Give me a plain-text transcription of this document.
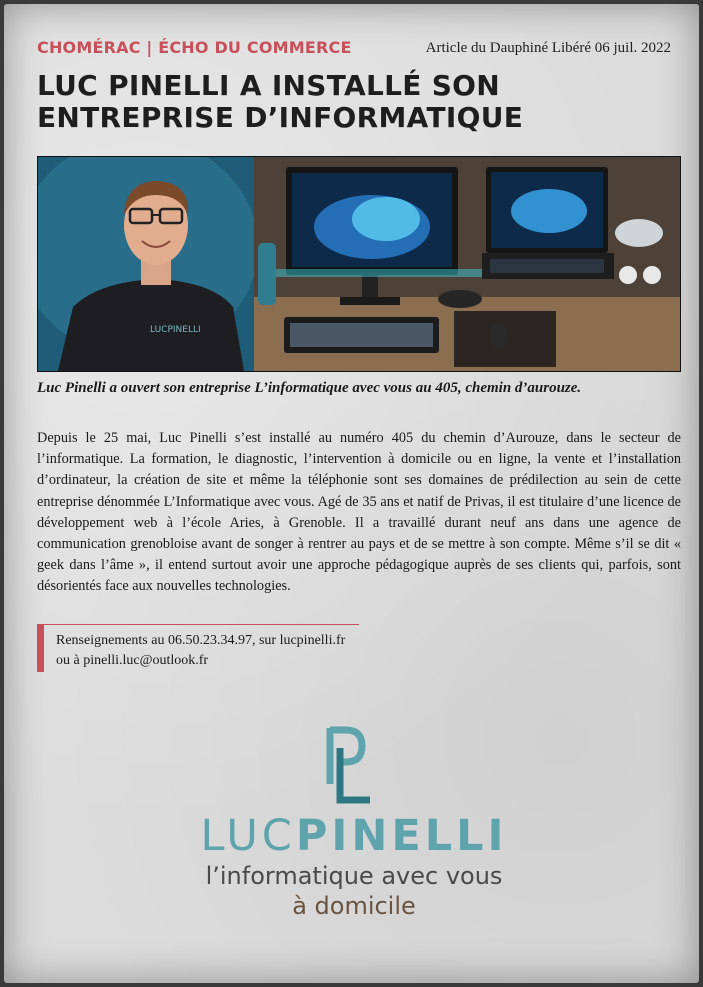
CHOMÉRAC | ÉCHO DU COMMERCE	Article du Dauphiné Libéré 06 juil. 2022
LUC PINELLI A INSTALLÉ SON ENTREPRISE D’INFORMATIQUE
LUCPINELLI

Luc Pinelli a ouvert son entreprise L’informatique avec vous au 405, chemin d’aurouze.

Depuis le 25 mai, Luc Pinelli s’est installé au numéro 405 du chemin d’Aurouze, dans le secteur de l’informatique. La formation, le diagnostic, l’intervention à domicile ou en ligne, la vente et l’installation d’ordinateur, la création de site et même la téléphonie sont ses domaines de prédilection au sein de cette entreprise dénommée L’Informatique avec vous. Agé de 35 ans et natif de Privas, il est titulaire d’une licence de développement web à l’école Aries, à Grenoble. Il a travaillé durant neuf ans dans une agence de communication grenobloise avant de songer à rentrer au pays et de se mettre à son compte. Même s’il se dit « geek dans l’âme », il entend surtout avoir une approche pédagogique auprès de ses clients qui, parfois, sont désorientés face aux nouvelles technologies.

Renseignements au 06.50.23.34.97, sur lucpinelli.fr
ou à pinelli.luc@outlook.fr
LUCPINELLI
l’informatique avec vous
à domicile
